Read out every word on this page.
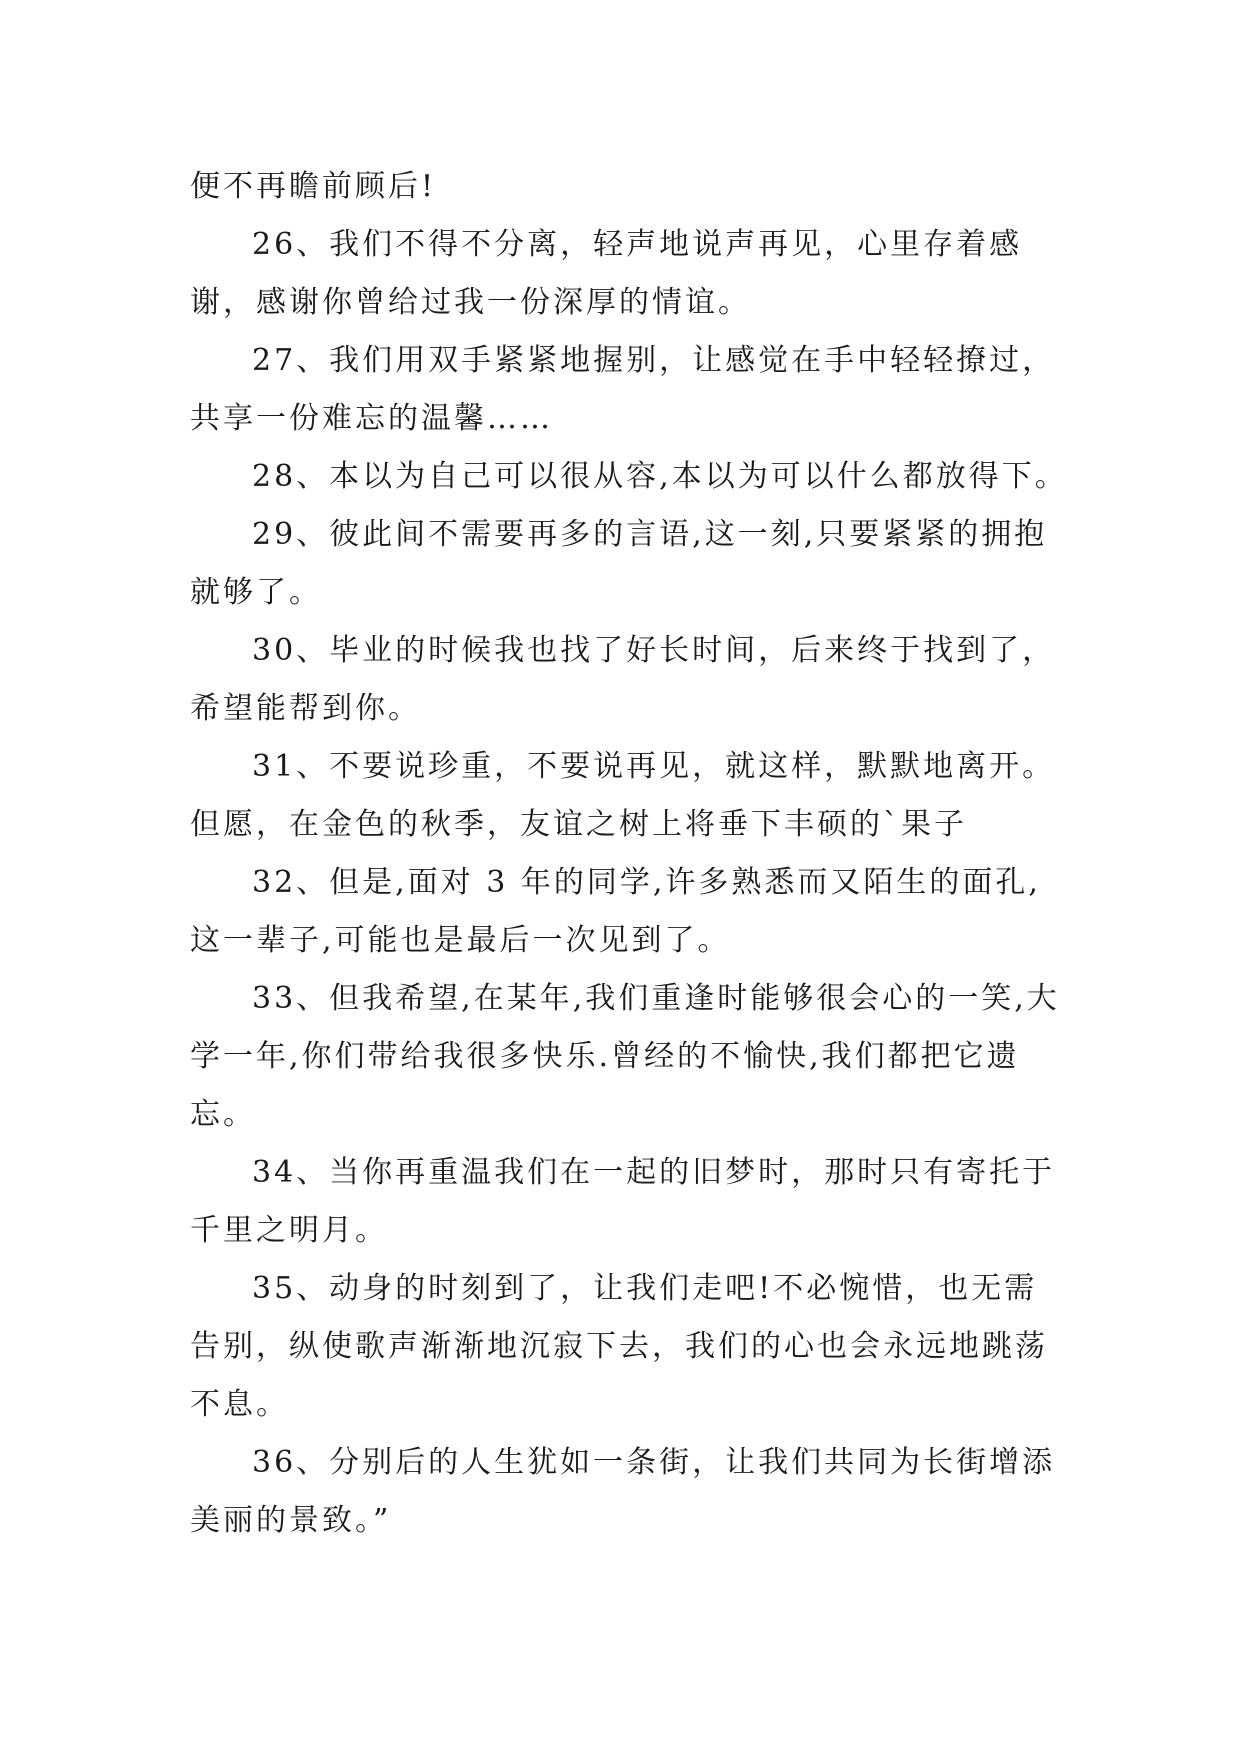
便不再瞻前顾后!

26、我们不得不分离，轻声地说声再见，心里存着感谢，感谢你曾给过我一份深厚的情谊。

27、我们用双手紧紧地握别，让感觉在手中轻轻撩过，共享一份难忘的温馨……

28、本以为自己可以很从容,本以为可以什么都放得下。

29、彼此间不需要再多的言语,这一刻,只要紧紧的拥抱就够了。

30、毕业的时候我也找了好长时间，后来终于找到了，希望能帮到你。

31、不要说珍重，不要说再见，就这样，默默地离开。但愿，在金色的秋季，友谊之树上将垂下丰硕的`果子

32、但是,面对 3 年的同学,许多熟悉而又陌生的面孔,这一辈子,可能也是最后一次见到了。

33、但我希望,在某年,我们重逢时能够很会心的一笑,大学一年,你们带给我很多快乐.曾经的不愉快,我们都把它遗忘。

34、当你再重温我们在一起的旧梦时，那时只有寄托于千里之明月。

35、动身的时刻到了，让我们走吧!不必惋惜，也无需告别，纵使歌声渐渐地沉寂下去，我们的心也会永远地跳荡不息。

36、分别后的人生犹如一条街，让我们共同为长街增添美丽的景致。”
